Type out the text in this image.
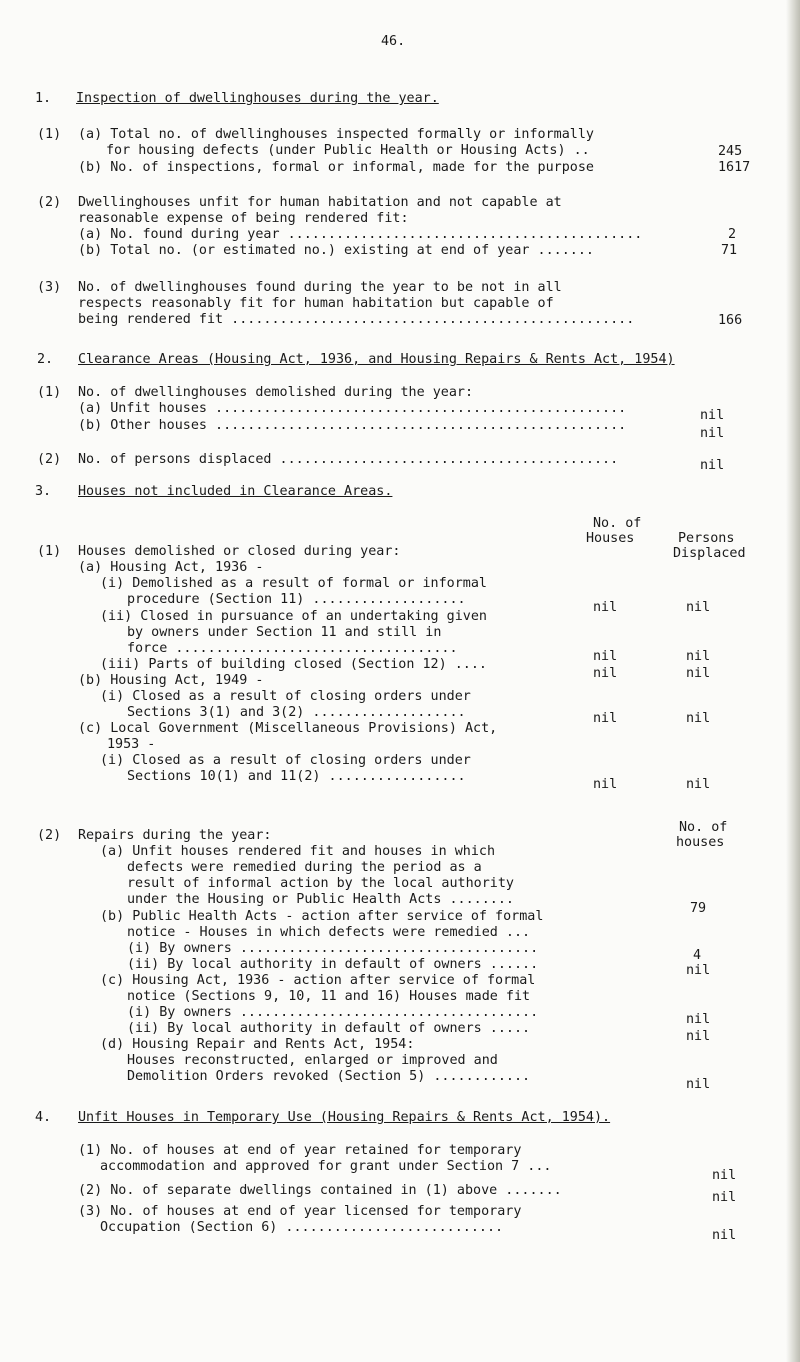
46.
1. Inspection of dwellinghouses during the year.
(1) (a) Total no. of dwellinghouses inspected formally or informally
for housing defects (under Public Health or Housing Acts) ..	245
(b) No. of inspections, formal or informal, made for the purpose	1617
(2) Dwellinghouses unfit for human habitation and not capable at
reasonable expense of being rendered fit:
(a) No. found during year ............................................	2
(b) Total no. (or estimated no.) existing at end of year .......	71
(3) No. of dwellinghouses found during the year to be not in all
respects reasonably fit for human habitation but capable of
being rendered fit ..................................................	166
2. Clearance Areas (Housing Act, 1936, and Housing Repairs & Rents Act, 1954)
(1) No. of dwellinghouses demolished during the year:
(a) Unfit houses ...................................................	nil
(b) Other houses ...................................................
nil
(2) No. of persons displaced ..........................................	nil
3. Houses not included in Clearance Areas.
No. of
Houses	Persons
Displaced
(1) Houses demolished or closed during year:
(a) Housing Act, 1936 -
(i) Demolished as a result of formal or informal
procedure (Section 11) ...................
nil	nil
(ii) Closed in pursuance of an undertaking given
by owners under Section 11 and still in
force ...................................
nil	nil
(iii) Parts of building closed (Section 12) ....
nil	nil
(b) Housing Act, 1949 -
(i) Closed as a result of closing orders under
Sections 3(1) and 3(2) ...................	nil	nil
(c) Local Government (Miscellaneous Provisions) Act,
1953 -
(i) Closed as a result of closing orders under
Sections 10(1) and 11(2) .................
nil	nil
No. of
houses
(2) Repairs during the year:
(a) Unfit houses rendered fit and houses in which
defects were remedied during the period as a
result of informal action by the local authority
under the Housing or Public Health Acts ........
79
(b) Public Health Acts - action after service of formal
notice - Houses in which defects were remedied ...
(i) By owners .....................................	4
(ii) By local authority in default of owners ......	nil
(c) Housing Act, 1936 - action after service of formal
notice (Sections 9, 10, 11 and 16) Houses made fit
(i) By owners .....................................	nil
(ii) By local authority in default of owners .....
nil
(d) Housing Repair and Rents Act, 1954:
Houses reconstructed, enlarged or improved and
Demolition Orders revoked (Section 5) ............
nil
4. Unfit Houses in Temporary Use (Housing Repairs & Rents Act, 1954).
(1) No. of houses at end of year retained for temporary
accommodation and approved for grant under Section 7 ...
nil
(2) No. of separate dwellings contained in (1) above .......	nil
(3) No. of houses at end of year licensed for temporary
Occupation (Section 6) ...........................
nil
